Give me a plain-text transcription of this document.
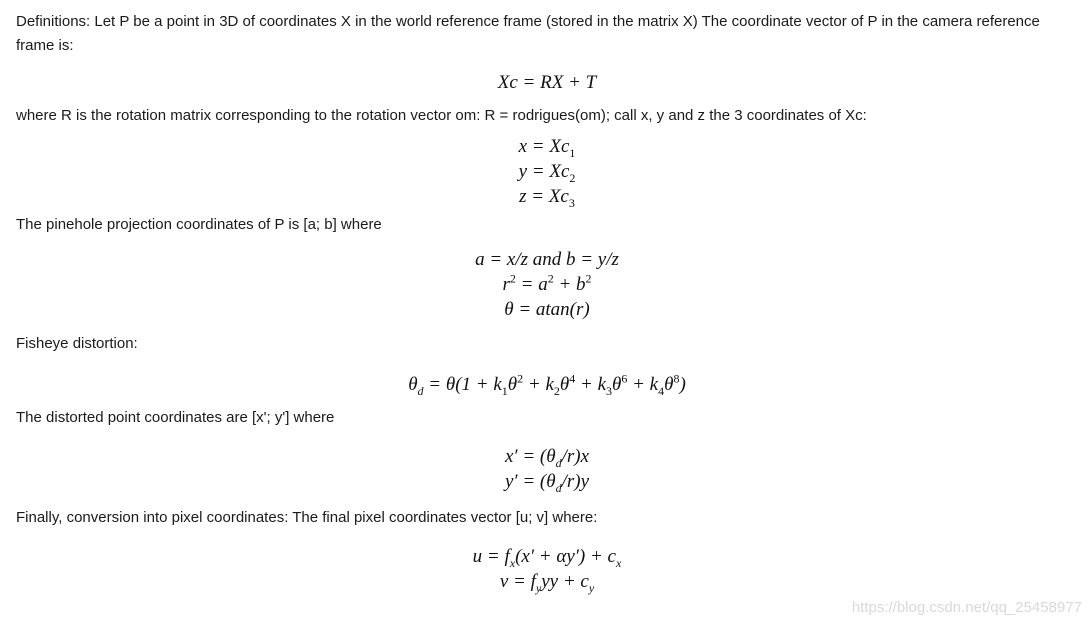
Definitions: Let P be a point in 3D of coordinates X in the world reference frame (stored in the matrix X) The coordinate vector of P in the camera reference frame is:

Xc = RX + T

where R is the rotation matrix corresponding to the rotation vector om: R = rodrigues(om); call x, y and z the 3 coordinates of Xc:

$x = Xc_1$
$y = Xc_2$
$z = Xc_3$

The pinehole projection coordinates of P is [a; b] where

a = x/z and b = y/z
$r^2 = a^2 + b^2$
θ = atan(r)

Fisheye distortion:

$\theta_d = \theta(1 + k_1\theta^2 + k_2\theta^4 + k_3\theta^6 + k_4\theta^8)$

The distorted point coordinates are [x'; y'] where

$x' = (\theta_d/r)x$
$y' = (\theta_d/r)y$

Finally, conversion into pixel coordinates: The final pixel coordinates vector [u; v] where:

$u = f_x(x' + \alpha y') + c_x$
$v = f_yyy + c_y$
https://blog.csdn.net/qq_25458977
